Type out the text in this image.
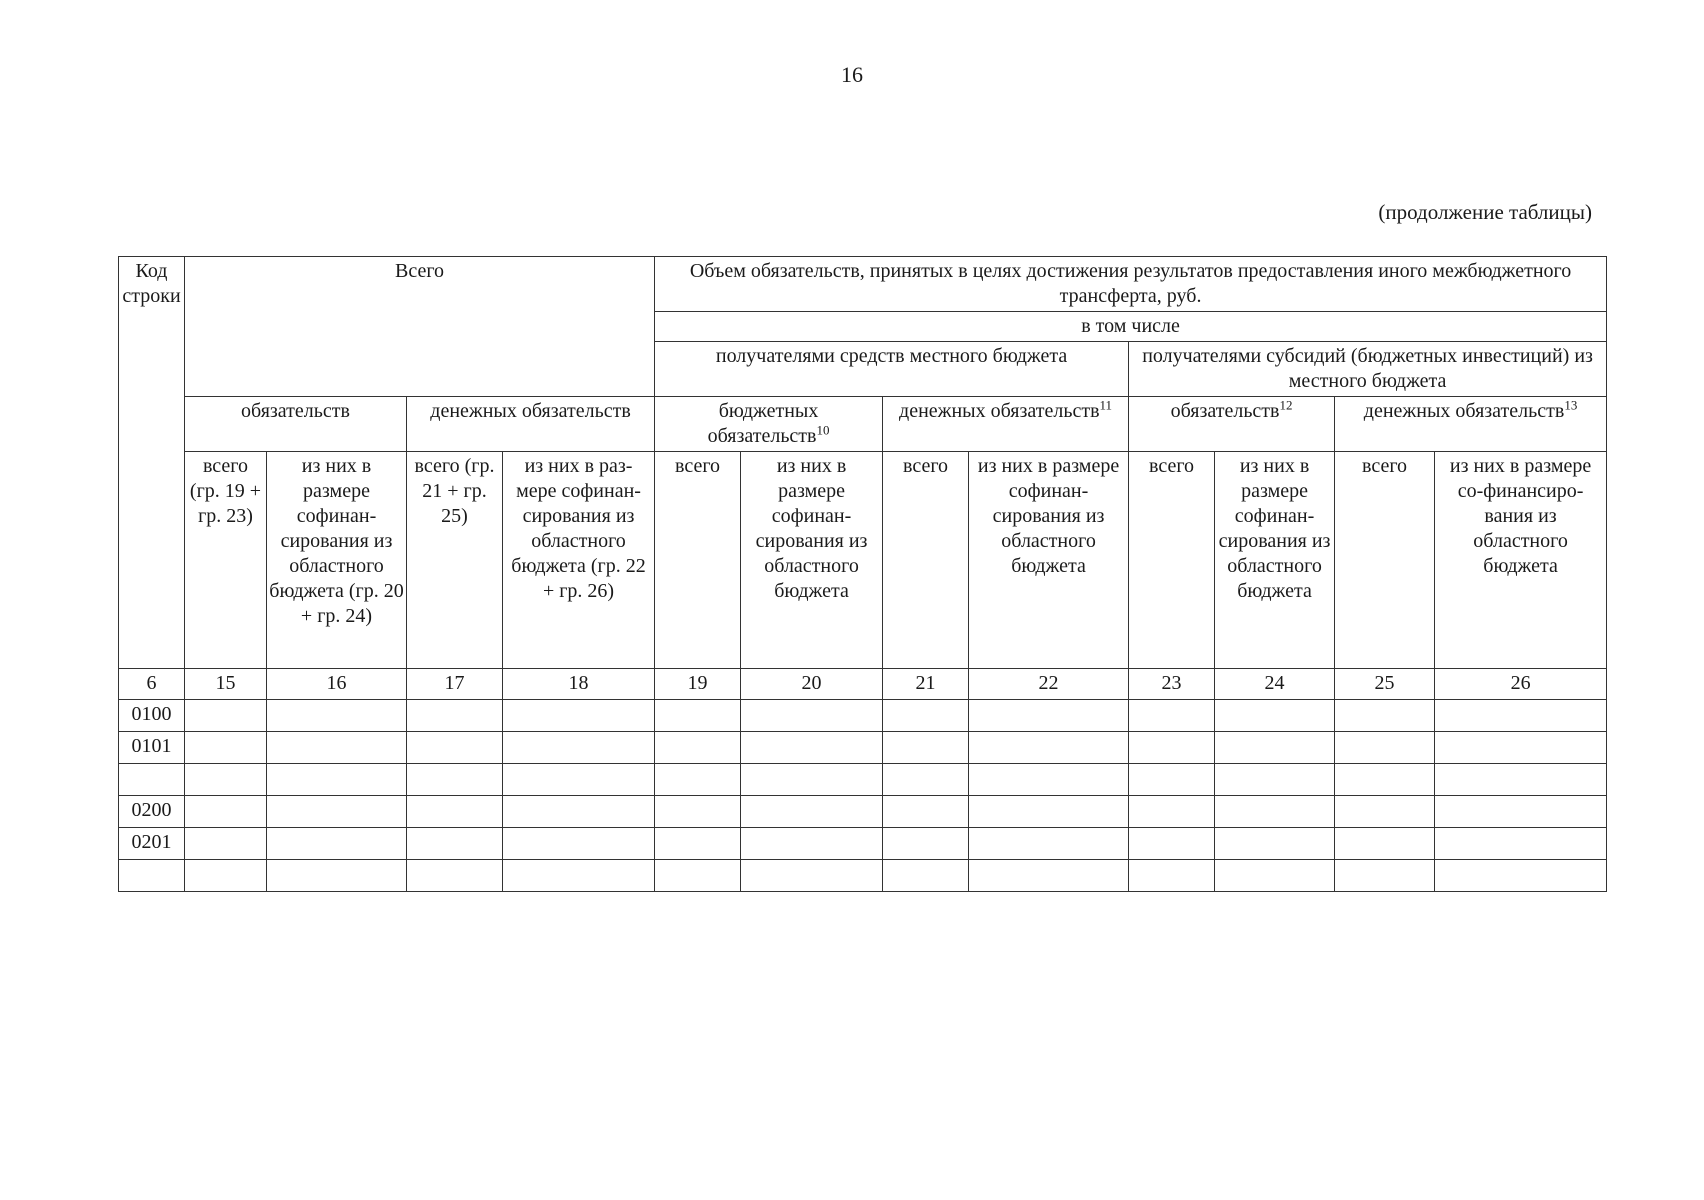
16
(продолжение таблицы)
Код строки	Всего				Объем обязательств, принятых в целях достижения результатов предоставления иного межбюджетного трансферта, руб.							
					в том числе							
					получателями средств местного бюджета				получателями субсидий (бюджетных инвестиций) из местного бюджета			
	обязательств		денежных обязательств		бюджетных обязательств$^{10}$		денежных обязательств$^{11}$		обязательств$^{12}$		денежных обязательств$^{13}$
	всего (гр. 19 + гр. 23)	из них в размере софинан-сирования из областного бюджета (гр. 20 + гр. 24)	всего (гр. 21 + гр. 25)	из них в раз-мере софинан-сирования из областного бюджета (гр. 22 + гр. 26)	всего	из них в размере софинан-сирования из областного бюджета	всего	из них в размере софинан-сирования из областного бюджета	всего	из них в размере софинан-сирования из областного бюджета	всего	из них в размере со-финансиро-вания из областного бюджета
6	15	16	17	18	19	20	21	22	23	24	25	26
0100												
0101												

0200												
0201												
